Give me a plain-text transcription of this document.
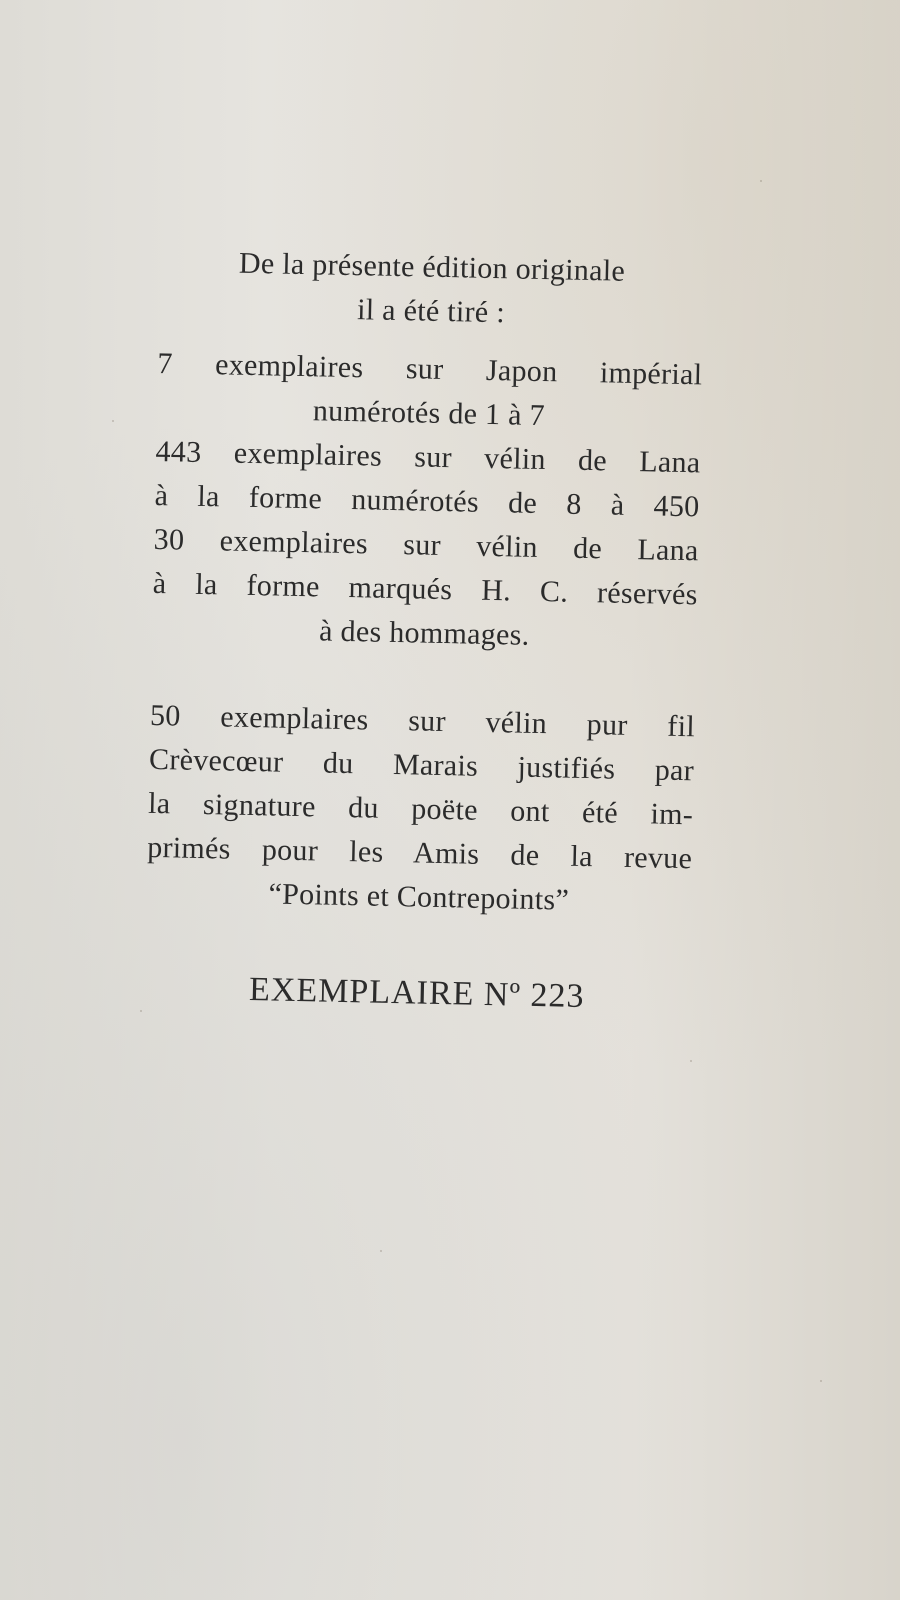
De la présente édition originale
il a été tiré :
7 exemplaires sur Japon impérial
numérotés de 1 à 7
443 exemplaires sur vélin de Lana
à la forme numérotés de 8 à 450
30 exemplaires sur vélin de Lana
à la forme marqués H. C. réservés
à des hommages.
50 exemplaires sur vélin pur fil
Crèvecœur du Marais justifiés par
la signature du poëte ont été im-
primés pour les Amis de la revue
“Points et Contrepoints”
EXEMPLAIRE Nº 223
